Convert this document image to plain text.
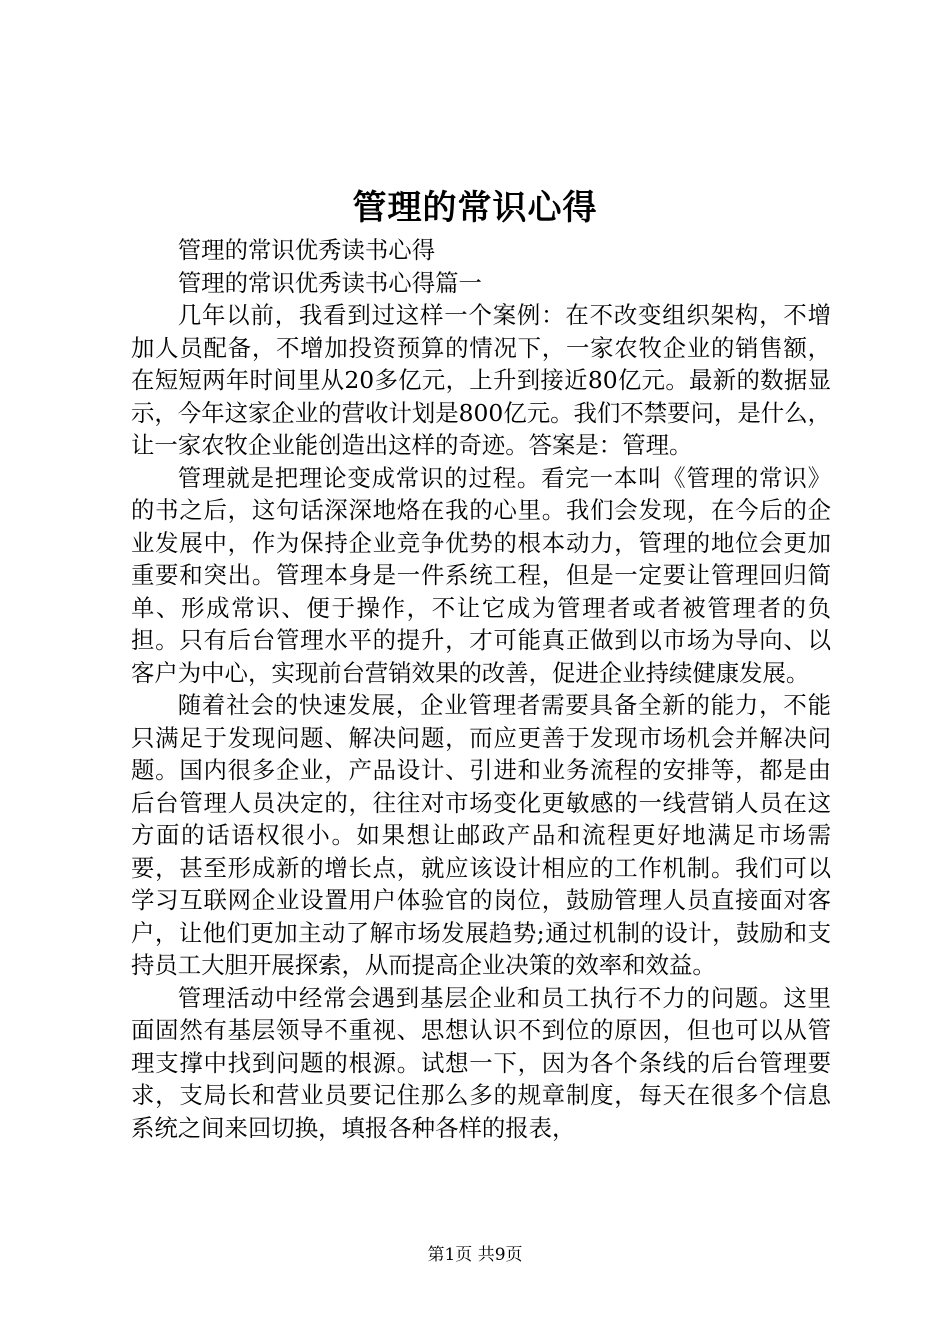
管理的常识心得

管理的常识优秀读书心得

管理的常识优秀读书心得篇一

几年以前，我看到过这样一个案例：在不改变组织架构，不增加人员配备，不增加投资预算的情况下，一家农牧企业的销售额，在短短两年时间里从20多亿元，上升到接近80亿元。最新的数据显示，今年这家企业的营收计划是800亿元。我们不禁要问，是什么，让一家农牧企业能创造出这样的奇迹。答案是：管理。

管理就是把理论变成常识的过程。看完一本叫《管理的常识》的书之后，这句话深深地烙在我的心里。我们会发现，在今后的企业发展中，作为保持企业竞争优势的根本动力，管理的地位会更加重要和突出。管理本身是一件系统工程，但是一定要让管理回归简单、形成常识、便于操作，不让它成为管理者或者被管理者的负担。只有后台管理水平的提升，才可能真正做到以市场为导向、以客户为中心，实现前台营销效果的改善，促进企业持续健康发展。

随着社会的快速发展，企业管理者需要具备全新的能力，不能只满足于发现问题、解决问题，而应更善于发现市场机会并解决问题。国内很多企业，产品设计、引进和业务流程的安排等，都是由后台管理人员决定的，往往对市场变化更敏感的一线营销人员在这方面的话语权很小。如果想让邮政产品和流程更好地满足市场需要，甚至形成新的增长点，就应该设计相应的工作机制。我们可以学习互联网企业设置用户体验官的岗位，鼓励管理人员直接面对客户，让他们更加主动了解市场发展趋势;通过机制的设计，鼓励和支持员工大胆开展探索，从而提高企业决策的效率和效益。

管理活动中经常会遇到基层企业和员工执行不力的问题。这里面固然有基层领导不重视、思想认识不到位的原因，但也可以从管理支撑中找到问题的根源。试想一下，因为各个条线的后台管理要求，支局长和营业员要记住那么多的规章制度，每天在很多个信息系统之间来回切换，填报各种各样的报表，

第1页 共9页
